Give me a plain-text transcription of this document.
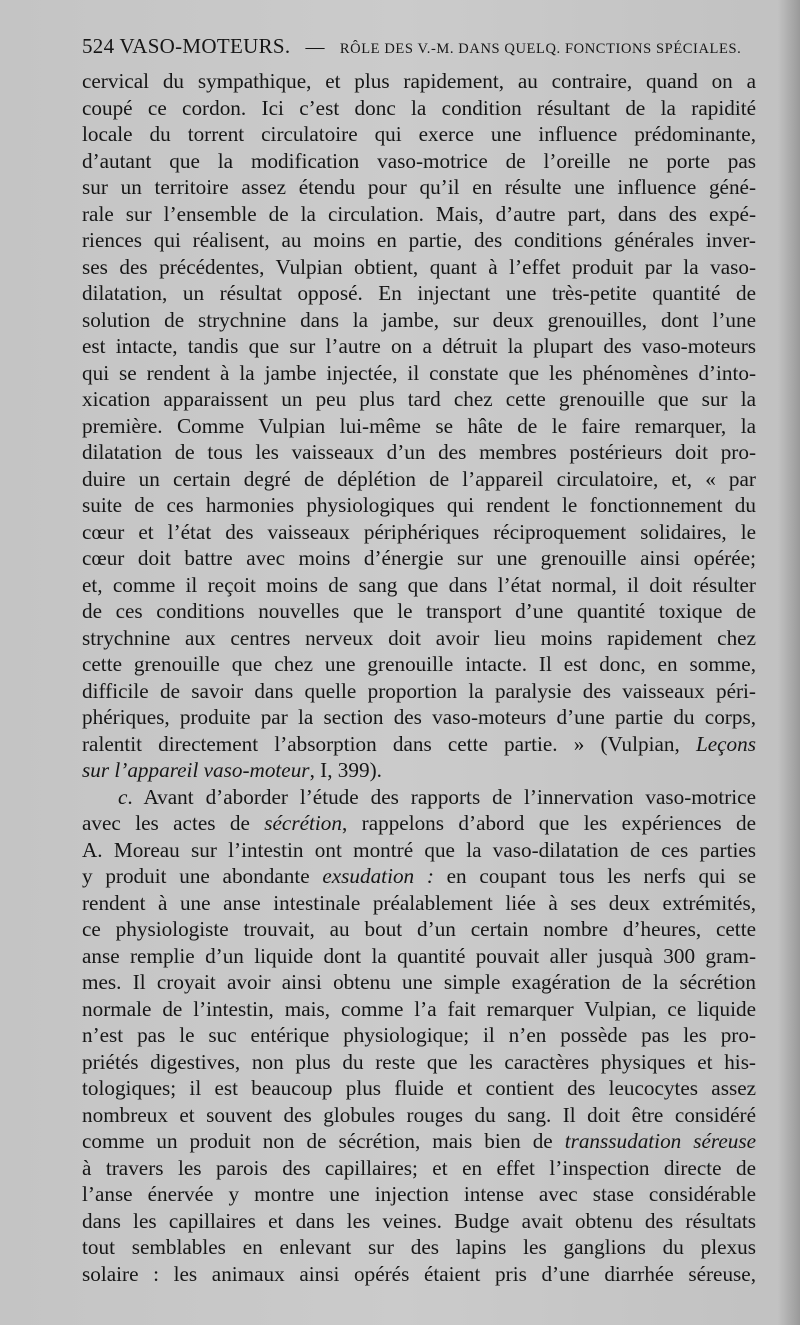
524 VASO-MOTEURS. — RÔLE DES V.-M. DANS QUELQ. FONCTIONS SPÉCIALES.
cervical du sympathique, et plus rapidement, au contraire, quand on a
coupé ce cordon. Ici c’est donc la condition résultant de la rapidité
locale du torrent circulatoire qui exerce une influence prédominante,
d’autant que la modification vaso-motrice de l’oreille ne porte pas
sur un territoire assez étendu pour qu’il en résulte une influence géné-
rale sur l’ensemble de la circulation. Mais, d’autre part, dans des expé-
riences qui réalisent, au moins en partie, des conditions générales inver-
ses des précédentes, Vulpian obtient, quant à l’effet produit par la vaso-
dilatation, un résultat opposé. En injectant une très-petite quantité de
solution de strychnine dans la jambe, sur deux grenouilles, dont l’une
est intacte, tandis que sur l’autre on a détruit la plupart des vaso-moteurs
qui se rendent à la jambe injectée, il constate que les phénomènes d’into-
xication apparaissent un peu plus tard chez cette grenouille que sur la
première. Comme Vulpian lui-même se hâte de le faire remarquer, la
dilatation de tous les vaisseaux d’un des membres postérieurs doit pro-
duire un certain degré de déplétion de l’appareil circulatoire, et, « par
suite de ces harmonies physiologiques qui rendent le fonctionnement du
cœur et l’état des vaisseaux périphériques réciproquement solidaires, le
cœur doit battre avec moins d’énergie sur une grenouille ainsi opérée;
et, comme il reçoit moins de sang que dans l’état normal, il doit résulter
de ces conditions nouvelles que le transport d’une quantité toxique de
strychnine aux centres nerveux doit avoir lieu moins rapidement chez
cette grenouille que chez une grenouille intacte. Il est donc, en somme,
difficile de savoir dans quelle proportion la paralysie des vaisseaux péri-
phériques, produite par la section des vaso-moteurs d’une partie du corps,
ralentit directement l’absorption dans cette partie. » (Vulpian, Leçons
sur l’appareil vaso-moteur, I, 399).
c. Avant d’aborder l’étude des rapports de l’innervation vaso-motrice
avec les actes de sécrétion, rappelons d’abord que les expériences de
A. Moreau sur l’intestin ont montré que la vaso-dilatation de ces parties
y produit une abondante exsudation : en coupant tous les nerfs qui se
rendent à une anse intestinale préalablement liée à ses deux extrémités,
ce physiologiste trouvait, au bout d’un certain nombre d’heures, cette
anse remplie d’un liquide dont la quantité pouvait aller jusquà 300 gram-
mes. Il croyait avoir ainsi obtenu une simple exagération de la sécrétion
normale de l’intestin, mais, comme l’a fait remarquer Vulpian, ce liquide
n’est pas le suc entérique physiologique; il n’en possède pas les pro-
priétés digestives, non plus du reste que les caractères physiques et his-
tologiques; il est beaucoup plus fluide et contient des leucocytes assez
nombreux et souvent des globules rouges du sang. Il doit être considéré
comme un produit non de sécrétion, mais bien de transsudation séreuse
à travers les parois des capillaires; et en effet l’inspection directe de
l’anse énervée y montre une injection intense avec stase considérable
dans les capillaires et dans les veines. Budge avait obtenu des résultats
tout semblables en enlevant sur des lapins les ganglions du plexus
solaire : les animaux ainsi opérés étaient pris d’une diarrhée séreuse,
